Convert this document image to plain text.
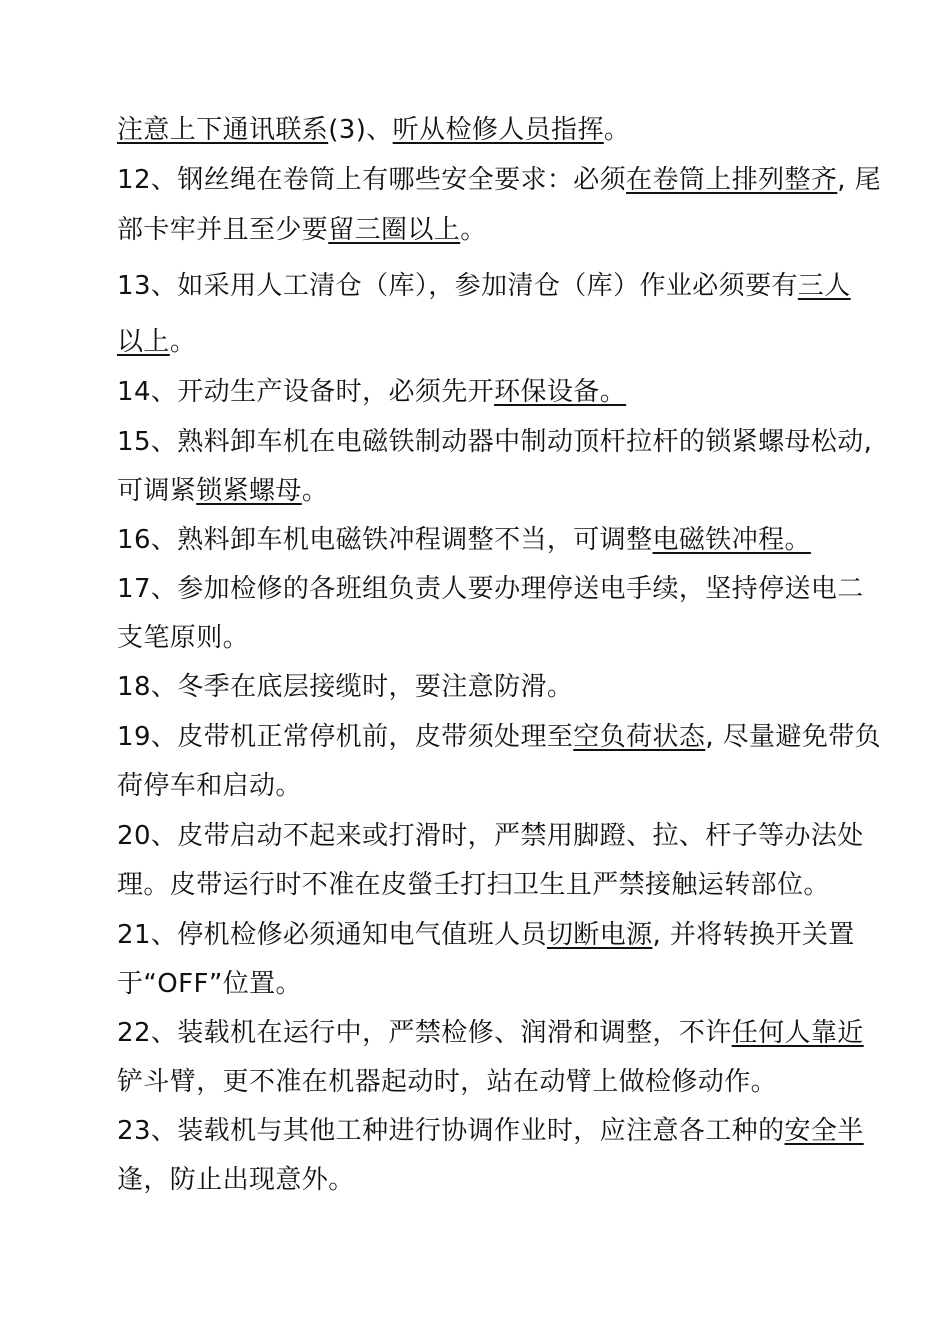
注意上下通讯联系(3)、听从检修人员指挥。
12、钢丝绳在卷筒上有哪些安全要求：必须在卷筒上排列整齐, 尾
部卡牢并且至少要留三圈以上。
13、如采用人工清仓（库），参加清仓（库）作业必须要有三人
以上。
14、开动生产设备时，必须先开环保设备。
15、熟料卸车机在电磁铁制动器中制动顶杆拉杆的锁紧螺母松动,
可调紧锁紧螺母。
16、熟料卸车机电磁铁冲程调整不当，可调整电磁铁冲程。
17、参加检修的各班组负责人要办理停送电手续，坚持停送电二
支笔原则。
18、冬季在底层接缆时，要注意防滑。
19、皮带机正常停机前，皮带须处理至空负荷状态, 尽量避免带负
荷停车和启动。
20、皮带启动不起来或打滑时，严禁用脚蹬、拉、杆子等办法处
理。皮带运行时不准在皮螢壬打扫卫生且严禁接触运转部位。
21、停机检修必须通知电气值班人员切断电源, 并将转换开关置
于“OFF”位置。
22、装载机在运行中，严禁检修、润滑和调整，不许任何人靠近
铲斗臂，更不准在机器起动时，站在动臂上做检修动作。
23、装载机与其他工种进行协调作业时，应注意各工种的安全半
逢，防止出现意外。
